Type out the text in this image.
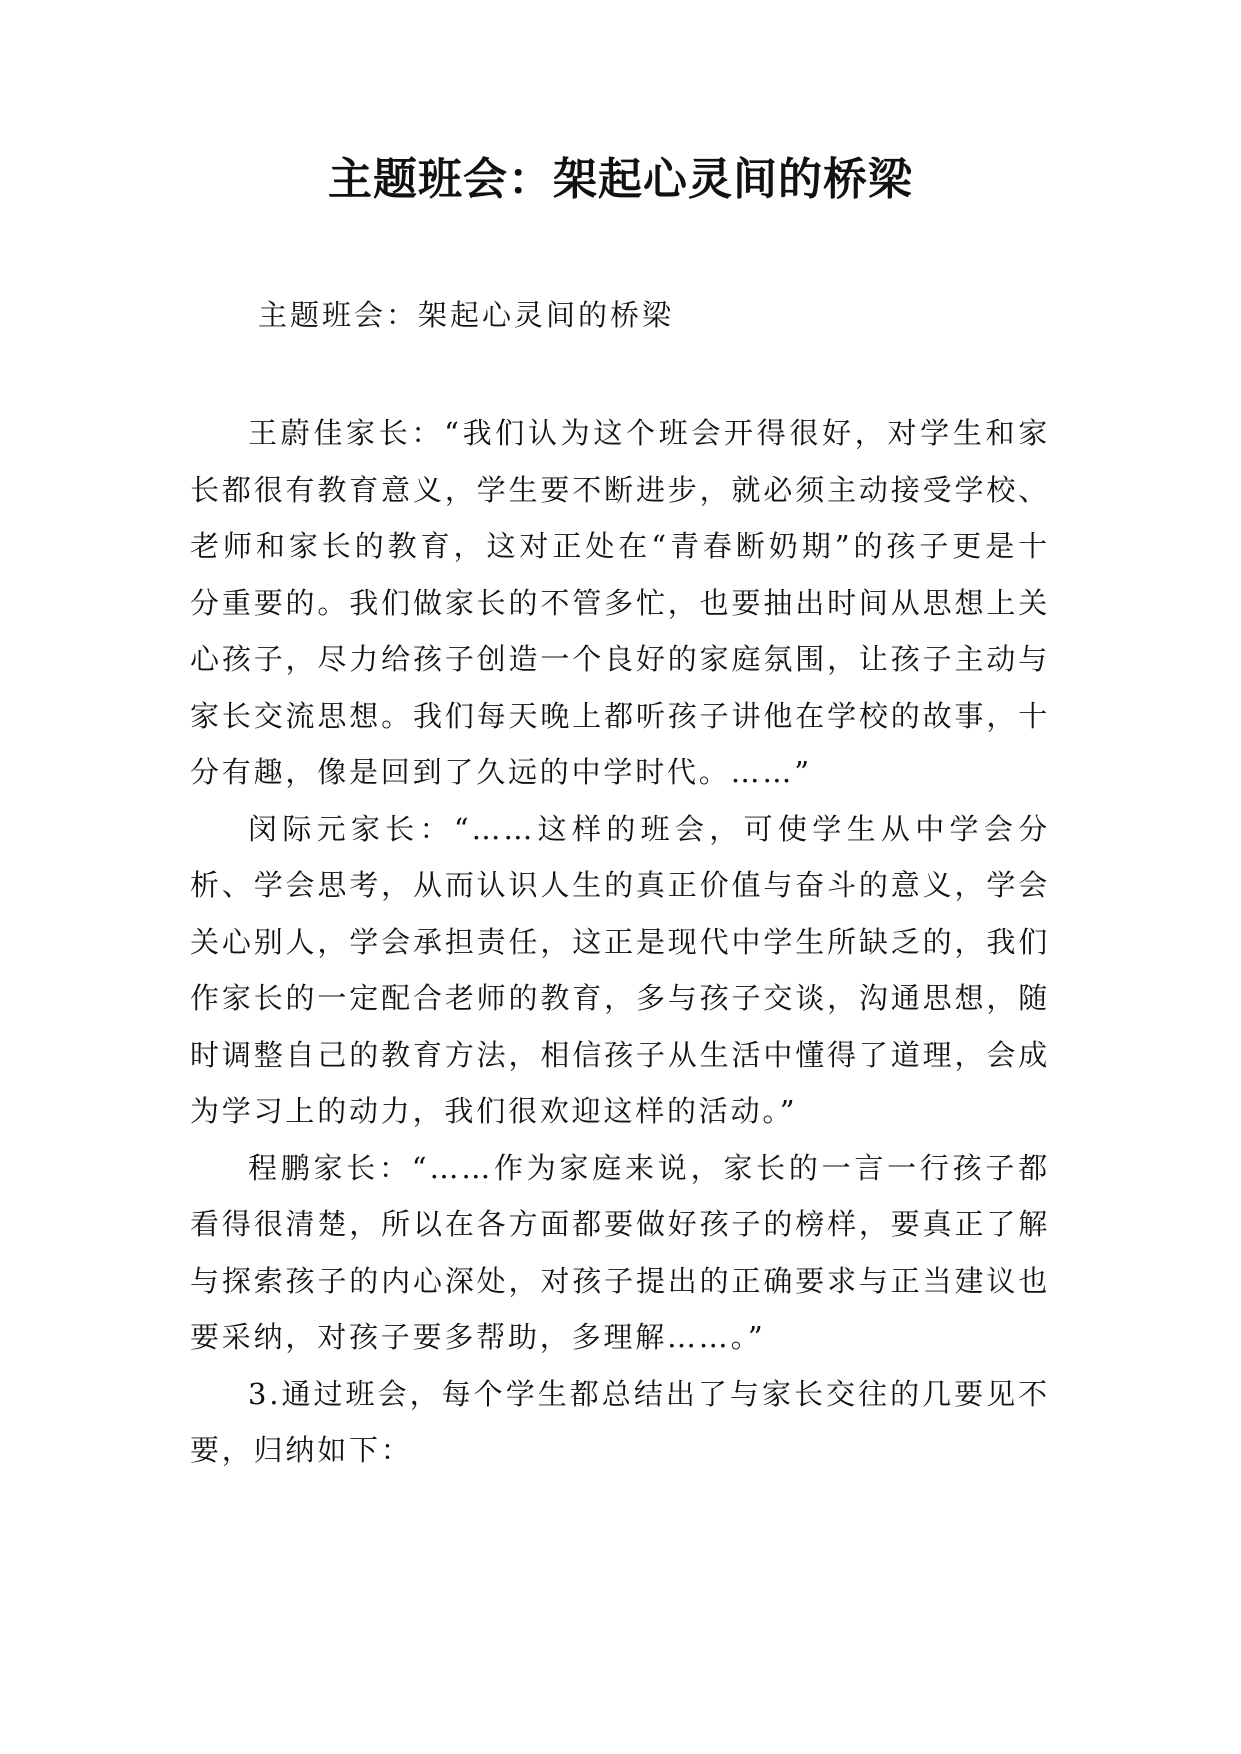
主题班会：架起心灵间的桥梁

主题班会：架起心灵间的桥梁

王蔚佳家长：“我们认为这个班会开得很好，对学生和家长都很有教育意义，学生要不断进步，就必须主动接受学校、老师和家长的教育，这对正处在“青春断奶期”的孩子更是十分重要的。我们做家长的不管多忙，也要抽出时间从思想上关心孩子，尽力给孩子创造一个良好的家庭氛围，让孩子主动与家长交流思想。我们每天晚上都听孩子讲他在学校的故事，十分有趣，像是回到了久远的中学时代。……”

闵际元家长：“……这样的班会，可使学生从中学会分析、学会思考，从而认识人生的真正价值与奋斗的意义，学会关心别人，学会承担责任，这正是现代中学生所缺乏的，我们作家长的一定配合老师的教育，多与孩子交谈，沟通思想，随时调整自己的教育方法，相信孩子从生活中懂得了道理，会成为学习上的动力，我们很欢迎这样的活动。”

程鹏家长：“……作为家庭来说，家长的一言一行孩子都看得很清楚，所以在各方面都要做好孩子的榜样，要真正了解与探索孩子的内心深处，对孩子提出的正确要求与正当建议也要采纳，对孩子要多帮助，多理解……。”

3.通过班会，每个学生都总结出了与家长交往的几要见不要，归纳如下：
